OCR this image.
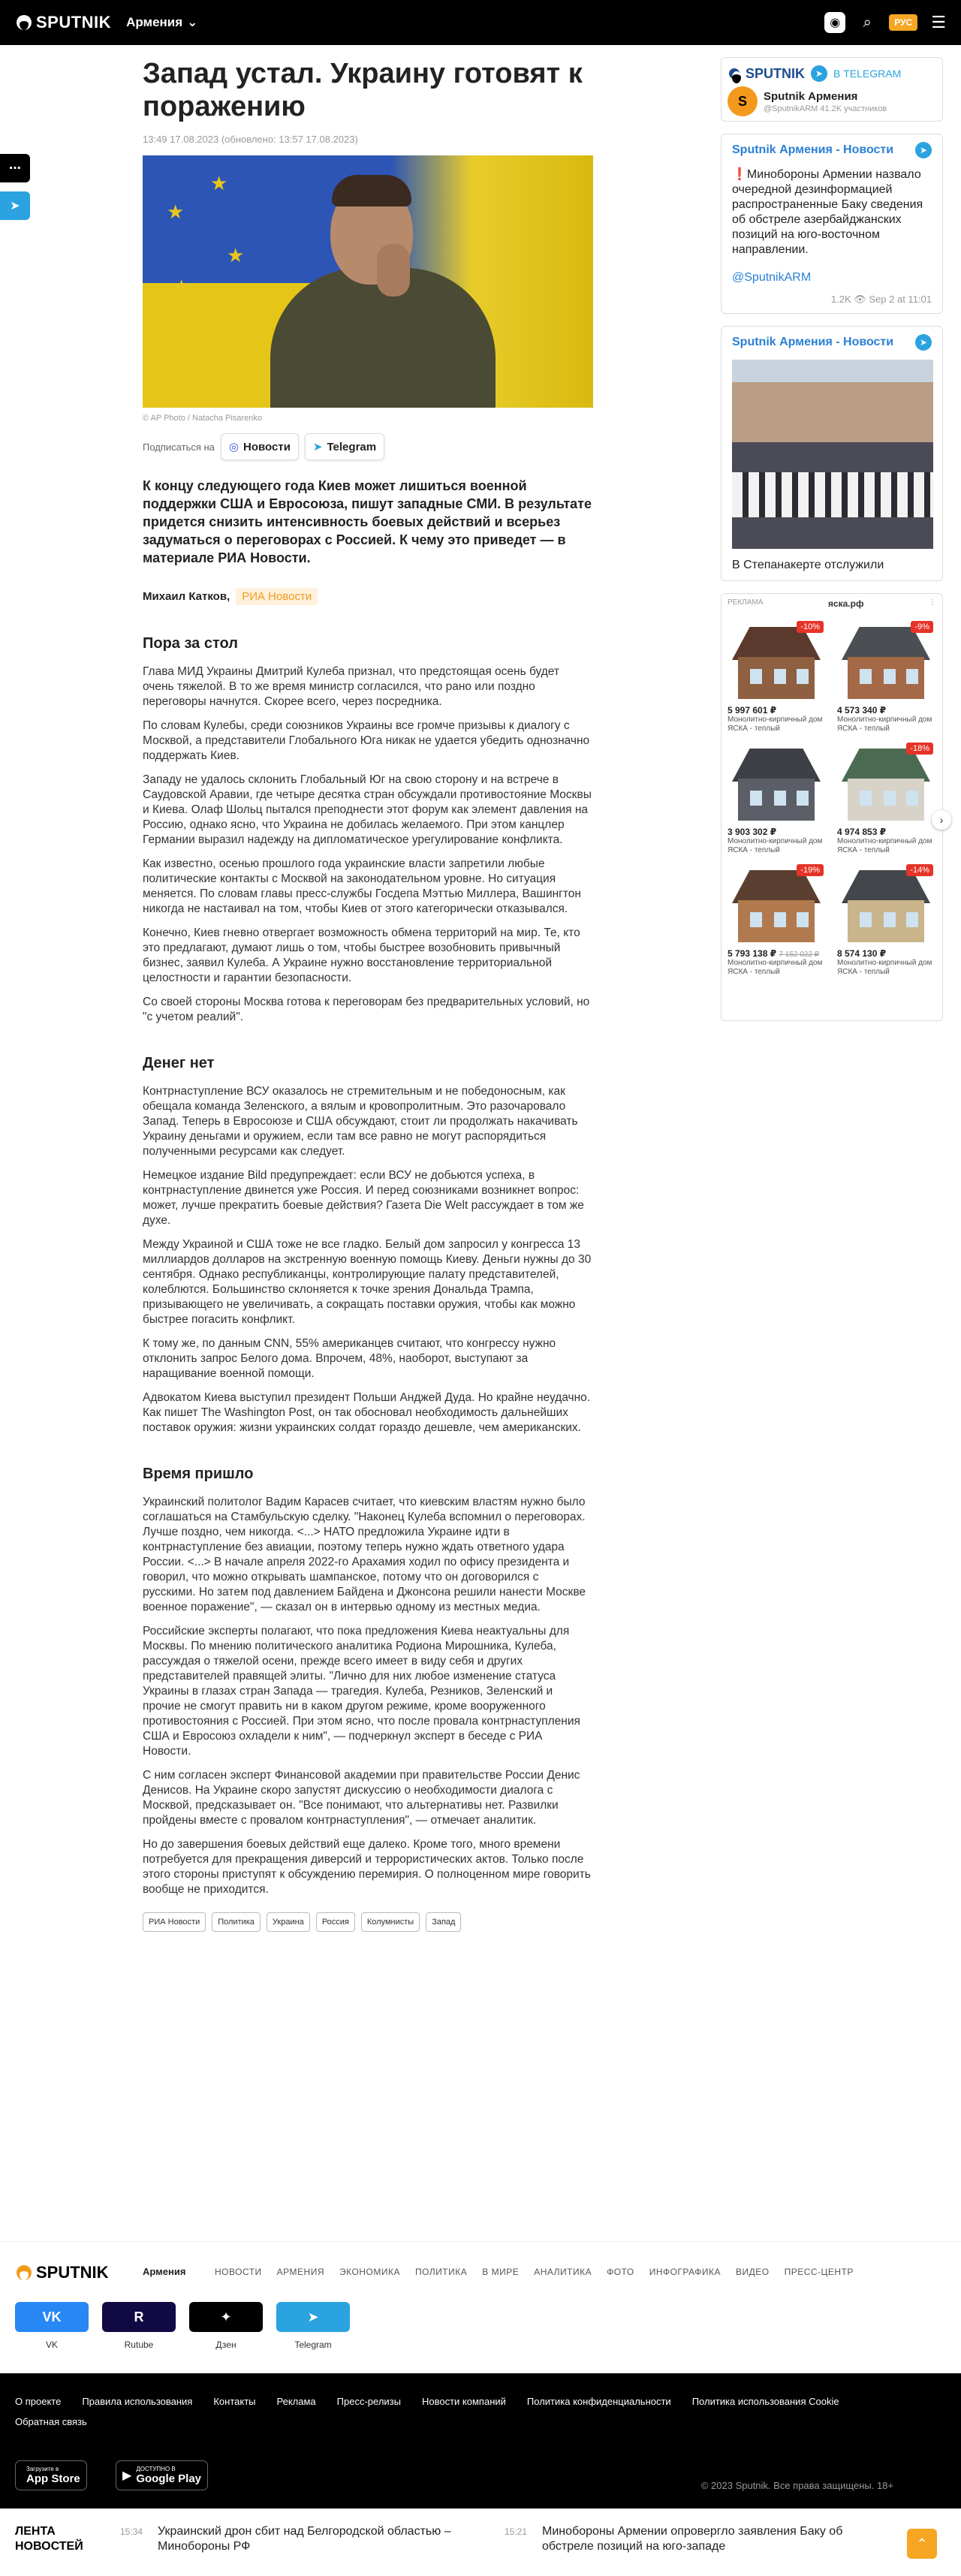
SPUTNIK Армения ⌄	◉	⌕	РУС	☰
⋯
➤
Запад устал. Украину готовят к поражению
13:49 17.08.2023 (обновлено: 13:57 17.08.2023)
★
★
★
★
© AP Photo / Natacha Pisarenko
Подписаться на ◎ Новости ➤ Telegram
К концу следующего года Киев может лишиться военной поддержки США и Евросоюза, пишут западные СМИ. В результате придется снизить интенсивность боевых действий и всерьез задуматься о переговорах с Россией. К чему это приведет — в материале РИА Новости.
Михаил Катков,	РИА Новости
Пора за стол

Глава МИД Украины Дмитрий Кулеба признал, что предстоящая осень будет очень тяжелой. В то же время министр согласился, что рано или поздно переговоры начнутся. Скорее всего, через посредника.

По словам Кулебы, среди союзников Украины все громче призывы к диалогу с Москвой, а представители Глобального Юга никак не удается убедить однозначно поддержать Киев.

Западу не удалось склонить Глобальный Юг на свою сторону и на встрече в Саудовской Аравии, где четыре десятка стран обсуждали противостояние Москвы и Киева. Олаф Шольц пытался преподнести этот форум как элемент давления на Россию, однако ясно, что Украина не добилась желаемого. При этом канцлер Германии выразил надежду на дипломатическое урегулирование конфликта.

Как известно, осенью прошлого года украинские власти запретили любые политические контакты с Москвой на законодательном уровне. Но ситуация меняется. По словам главы пресс-службы Госдепа Мэттью Миллера, Вашингтон никогда не настаивал на том, чтобы Киев от этого категорически отказывался.

Конечно, Киев гневно отвергает возможность обмена территорий на мир. Те, кто это предлагают, думают лишь о том, чтобы быстрее возобновить привычный бизнес, заявил Кулеба. А Украине нужно восстановление территориальной целостности и гарантии безопасности.

Со своей стороны Москва готова к переговорам без предварительных условий, но "с учетом реалий".

Денег нет

Контрнаступление ВСУ оказалось не стремительным и не победоносным, как обещала команда Зеленского, а вялым и кровопролитным. Это разочаровало Запад. Теперь в Евросоюзе и США обсуждают, стоит ли продолжать накачивать Украину деньгами и оружием, если там все равно не могут распорядиться полученными ресурсами как следует.

Немецкое издание Bild предупреждает: если ВСУ не добьются успеха, в контрнаступление двинется уже Россия. И перед союзниками возникнет вопрос: может, лучше прекратить боевые действия? Газета Die Welt рассуждает в том же духе.

Между Украиной и США тоже не все гладко. Белый дом запросил у конгресса 13 миллиардов долларов на экстренную военную помощь Киеву. Деньги нужны до 30 сентября. Однако республиканцы, контролирующие палату представителей, колеблются. Большинство склоняется к точке зрения Дональда Трампа, призывающего не увеличивать, а сокращать поставки оружия, чтобы как можно быстрее погасить конфликт.

К тому же, по данным CNN, 55% американцев считают, что конгрессу нужно отклонить запрос Белого дома. Впрочем, 48%, наоборот, выступают за наращивание военной помощи.

Адвокатом Киева выступил президент Польши Анджей Дуда. Но крайне неудачно. Как пишет The Washington Post, он так обосновал необходимость дальнейших поставок оружия: жизни украинских солдат гораздо дешевле, чем американских.

Время пришло

Украинский политолог Вадим Карасев считает, что киевским властям нужно было соглашаться на Стамбульскую сделку. "Наконец Кулеба вспомнил о переговорах. Лучше поздно, чем никогда. <...> НАТО предложила Украине идти в контрнаступление без авиации, поэтому теперь нужно ждать ответного удара России. <...> В начале апреля 2022-го Арахамия ходил по офису президента и говорил, что можно открывать шампанское, потому что он договорился с русскими. Но затем под давлением Байдена и Джонсона решили нанести Москве военное поражение", — сказал он в интервью одному из местных медиа.

Российские эксперты полагают, что пока предложения Киева неактуальны для Москвы. По мнению политического аналитика Родиона Мирошника, Кулеба, рассуждая о тяжелой осени, прежде всего имеет в виду себя и других представителей правящей элиты. "Лично для них любое изменение статуса Украины в глазах стран Запада — трагедия. Кулеба, Резников, Зеленский и прочие не смогут править ни в каком другом режиме, кроме вооруженного противостояния с Россией. При этом ясно, что после провала контрнаступления США и Евросоюз охладели к ним", — подчеркнул эксперт в беседе с РИА Новости.

С ним согласен эксперт Финансовой академии при правительстве России Денис Денисов. На Украине скоро запустят дискуссию о необходимости диалога с Москвой, предсказывает он. "Все понимают, что альтернативы нет. Развилки пройдены вместе с провалом контрнаступления", — отмечает аналитик.

Но до завершения боевых действий еще далеко. Кроме того, много времени потребуется для прекращения диверсий и террористических актов. Только после этого стороны приступят к обсуждению перемирия. О полноценном мире говорить вообще не приходится.

РИА Новости	Политика	Украина	Россия	Колумнисты	Запад
SPUTNIK	➤ В TELEGRAM
S	Sputnik Армения
@SputnikARM 41.2K участников
Sputnik Армения - Новости	➤
❗️Минобороны Армении назвало очередной дезинформацией распространенные Баку сведения об обстреле азербайджанских позиций на юго-восточном направлении.
@SputnikARM
1.2K 👁 Sep 2 at 11:01
Sputnik Армения - Новости	➤
В Степанакерте отслужили
РЕКЛАМА	яска.рф	⋮
-10%
5 997 601 ₽
Монолитно-кирпичный дом ЯСКА - теплый
-9%
4 573 340 ₽
Монолитно-кирпичный дом ЯСКА - теплый
3 903 302 ₽
Монолитно-кирпичный дом ЯСКА - теплый
-18%
4 974 853 ₽
Монолитно-кирпичный дом ЯСКА - теплый
-19%
5 793 138 ₽ 7 152 022 ₽
Монолитно-кирпичный дом ЯСКА - теплый
-14%
8 574 130 ₽
Монолитно-кирпичный дом ЯСКА - теплый
›
SPUTNIK	Армения	НОВОСТИ АРМЕНИЯ ЭКОНОМИКА ПОЛИТИКА В МИРЕ АНАЛИТИКА ФОТО ИНФОГРАФИКА ВИДЕО ПРЕСС-ЦЕНТР
VK
VK
R
Rutube
✦
Дзен
➤
Telegram
О проекте Правила использования Контакты Реклама Пресс-релизы Новости компаний Политика конфиденциальности Политика использования Cookie
Обратная связь
Загрузите в
App Store	▶
ДОСТУПНО В
Google Play
© 2023 Sputnik. Все права защищены. 18+
ЛЕНТА
НОВОСТЕЙ
15:34 Украинский дрон сбит над Белгородской областью – Минобороны РФ
15:21 Минобороны Армении опровергло заявления Баку об обстреле позиций на юго-западе	⌃
